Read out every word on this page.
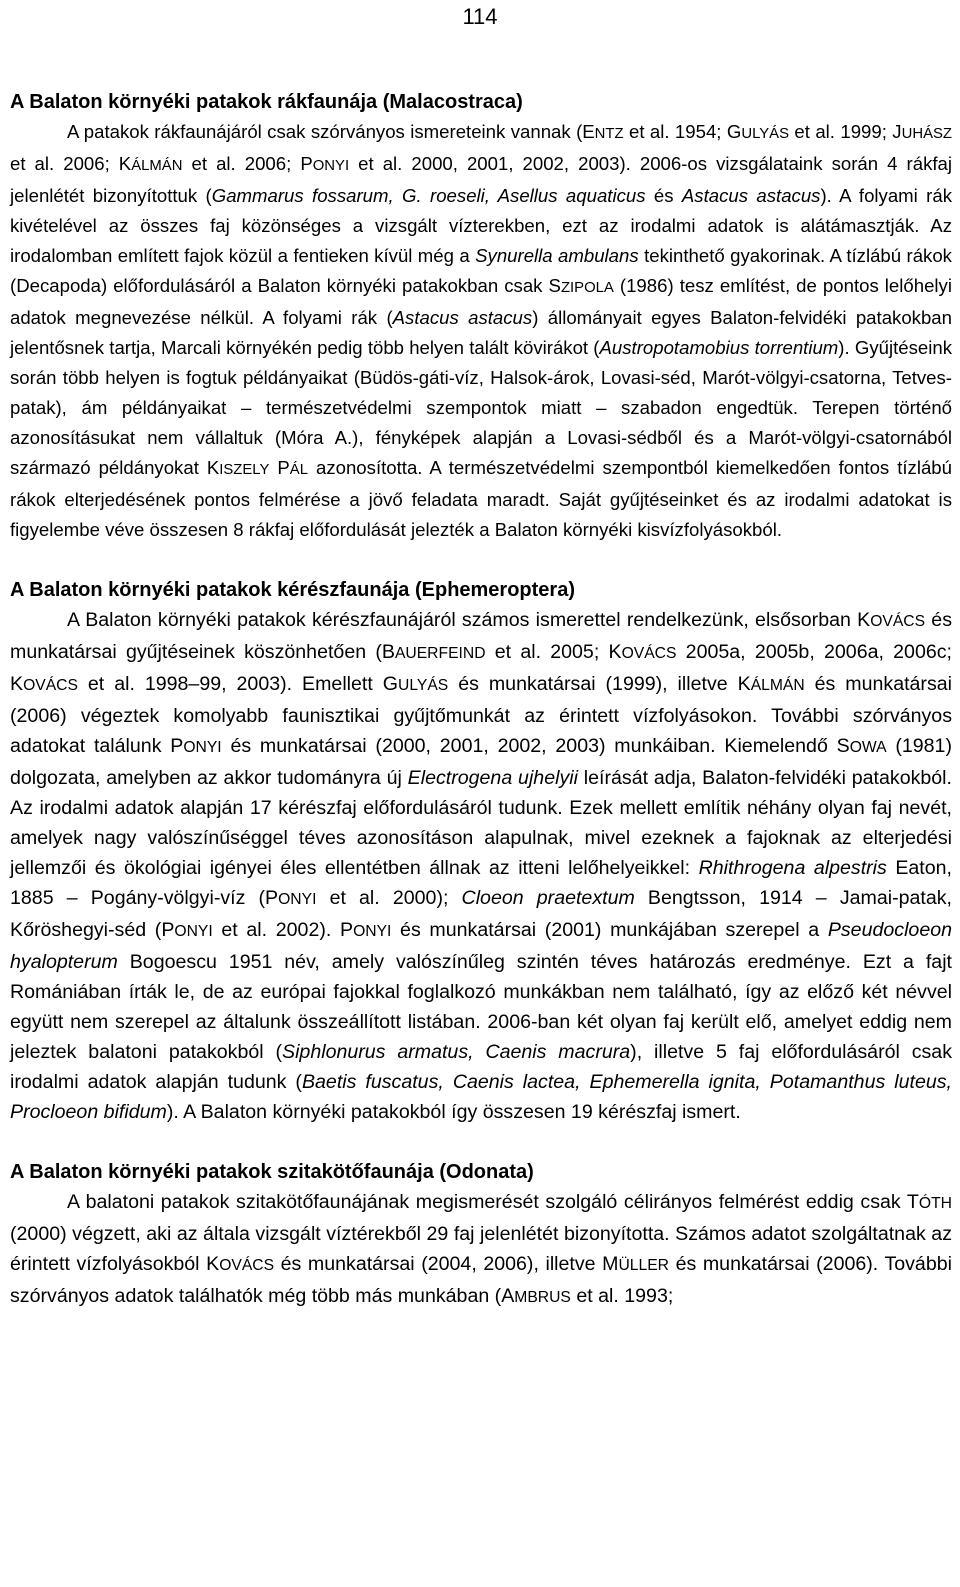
114
A Balaton környéki patakok rákfaunája (Malacostraca)

A patakok rákfaunájáról csak szórványos ismereteink vannak (ENTZ et al. 1954; GULYÁS et al. 1999; JUHÁSZ et al. 2006; KÁLMÁN et al. 2006; PONYI et al. 2000, 2001, 2002, 2003). 2006-os vizsgálataink során 4 rákfaj jelenlétét bizonyítottuk (Gammarus fossarum, G. roeseli, Asellus aquaticus és Astacus astacus). A folyami rák kivételével az összes faj közönséges a vizsgált vízterekben, ezt az irodalmi adatok is alátámasztják. Az irodalomban említett fajok közül a fentieken kívül még a Synurella ambulans tekinthető gyakorinak. A tízlábú rákok (Decapoda) előfordulásáról a Balaton környéki patakokban csak SZIPOLA (1986) tesz említést, de pontos lelőhelyi adatok megnevezése nélkül. A folyami rák (Astacus astacus) állományait egyes Balaton-felvidéki patakokban jelentősnek tartja, Marcali környékén pedig több helyen talált kövirákot (Austropotamobius torrentium). Gyűjtéseink során több helyen is fogtuk példányaikat (Büdös-gáti-víz, Halsok-árok, Lovasi-séd, Marót-völgyi-csatorna, Tetves-patak), ám példányaikat – természetvédelmi szempontok miatt – szabadon engedtük. Terepen történő azonosításukat nem vállaltuk (Móra A.), fényképek alapján a Lovasi-sédből és a Marót-völgyi-csatornából származó példányokat KISZELY PÁL azonosította. A természetvédelmi szempontból kiemelkedően fontos tízlábú rákok elterjedésének pontos felmérése a jövő feladata maradt. Saját gyűjtéseinket és az irodalmi adatokat is figyelembe véve összesen 8 rákfaj előfordulását jelezték a Balaton környéki kisvízfolyásokból.

A Balaton környéki patakok kérészfaunája (Ephemeroptera)

A Balaton környéki patakok kérészfaunájáról számos ismerettel rendelkezünk, elsősorban KOVÁCS és munkatársai gyűjtéseinek köszönhetően (BAUERFEIND et al. 2005; KOVÁCS 2005a, 2005b, 2006a, 2006c; KOVÁCS et al. 1998–99, 2003). Emellett GULYÁS és munkatársai (1999), illetve KÁLMÁN és munkatársai (2006) végeztek komolyabb faunisztikai gyűjtőmunkát az érintett vízfolyásokon. További szórványos adatokat találunk PONYI és munkatársai (2000, 2001, 2002, 2003) munkáiban. Kiemelendő SOWA (1981) dolgozata, amelyben az akkor tudományra új Electrogena ujhelyii leírását adja, Balaton-felvidéki patakokból. Az irodalmi adatok alapján 17 kérészfaj előfordulásáról tudunk. Ezek mellett említik néhány olyan faj nevét, amelyek nagy valószínűséggel téves azonosításon alapulnak, mivel ezeknek a fajoknak az elterjedési jellemzői és ökológiai igényei éles ellentétben állnak az itteni lelőhelyeikkel: Rhithrogena alpestris Eaton, 1885 – Pogány-völgyi-víz (PONYI et al. 2000); Cloeon praetextum Bengtsson, 1914 – Jamai-patak, Kőröshegyi-séd (PONYI et al. 2002). PONYI és munkatársai (2001) munkájában szerepel a Pseudocloeon hyalopterum Bogoescu 1951 név, amely valószínűleg szintén téves határozás eredménye. Ezt a fajt Romániában írták le, de az európai fajokkal foglalkozó munkákban nem található, így az előző két névvel együtt nem szerepel az általunk összeállított listában. 2006-ban két olyan faj került elő, amelyet eddig nem jeleztek balatoni patakokból (Siphlonurus armatus, Caenis macrura), illetve 5 faj előfordulásáról csak irodalmi adatok alapján tudunk (Baetis fuscatus, Caenis lactea, Ephemerella ignita, Potamanthus luteus, Procloeon bifidum). A Balaton környéki patakokból így összesen 19 kérészfaj ismert.

A Balaton környéki patakok szitakötőfaunája (Odonata)

A balatoni patakok szitakötőfaunájának megismerését szolgáló célirányos felmérést eddig csak TÓTH (2000) végzett, aki az általa vizsgált víztérekből 29 faj jelenlétét bizonyította. Számos adatot szolgáltatnak az érintett vízfolyásokból KOVÁCS és munkatársai (2004, 2006), illetve MÜLLER és munkatársai (2006). További szórványos adatok találhatók még több más munkában (AMBRUS et al. 1993;
